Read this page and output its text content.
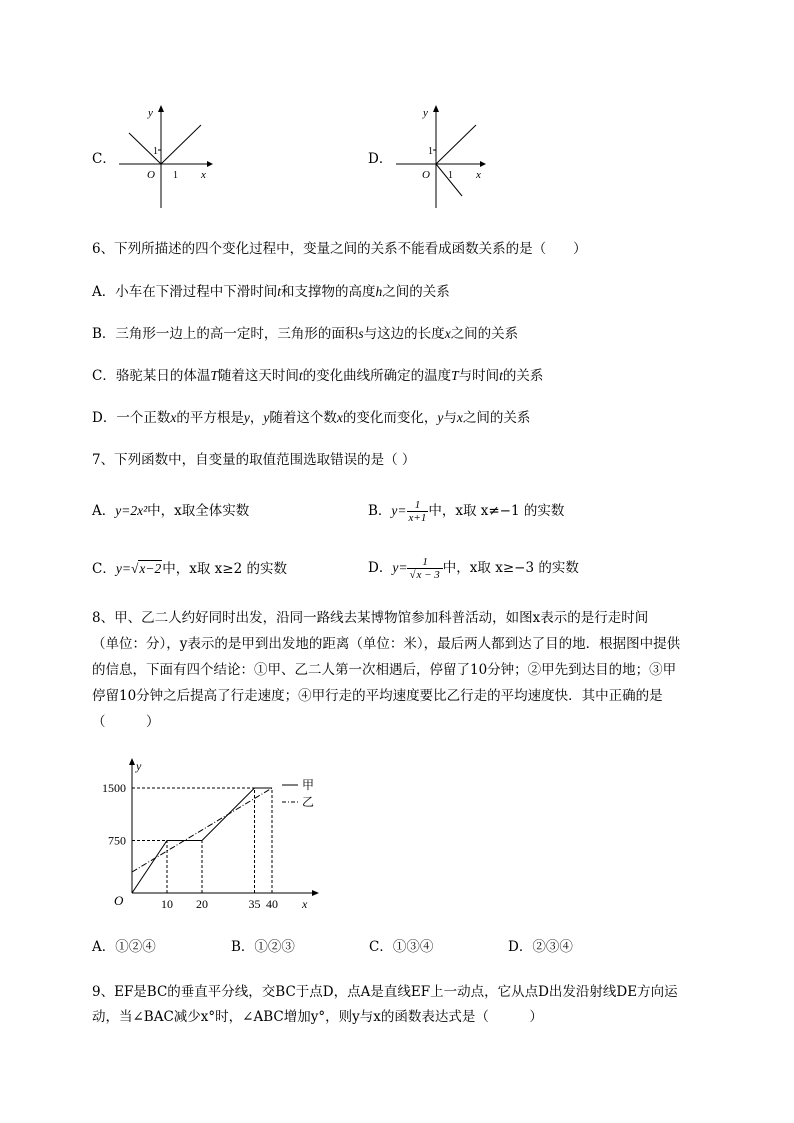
C．
y
x
O
1
1
D．
y
x
O
1
1
6、下列所描述的四个变化过程中，变量之间的关系不能看成函数关系的是（　　）
A．小车在下滑过程中下滑时间t和支撑物的高度h之间的关系
B．三角形一边上的高一定时，三角形的面积s与这边的长度x之间的关系
C．骆驼某日的体温T随着这天时间t的变化曲线所确定的温度T与时间t的关系
D．一个正数x的平方根是y，y随着这个数x的变化而变化，y与x之间的关系
7、下列函数中，自变量的取值范围选取错误的是（ ）
A．y=2x²中，x取全体实数	B．$y= \frac{1}{x+1}$ 中，x取 x≠−1 的实数
C．y=√x−2中，x取 x≥2 的实数	D．$y= \frac{1}{√x - 3}$ 中，x取 x≥−3 的实数
8、甲、乙二人约好同时出发，沿同一路线去某博物馆参加科普活动，如图x表示的是行走时间
（单位：分），y表示的是甲到出发地的距离（单位：米），最后两人都到达了目的地．根据图中提供
的信息，下面有四个结论：①甲、乙二人第一次相遇后，停留了10分钟；②甲先到达目的地；③甲
停留10分钟之后提高了行走速度；④甲行走的平均速度要比乙行走的平均速度快．其中正确的是
（　　　）
y
x
O
750
1500
10 20	35 40
甲
乙
A．①②④	B．①②③	C．①③④	D．②③④
9、EF是BC的垂直平分线，交BC于点D，点A是直线EF上一动点，它从点D出发沿射线DE方向运
动，当∠BAC减少x°时，∠ABC增加y°，则y与x的函数表达式是（　　　）
